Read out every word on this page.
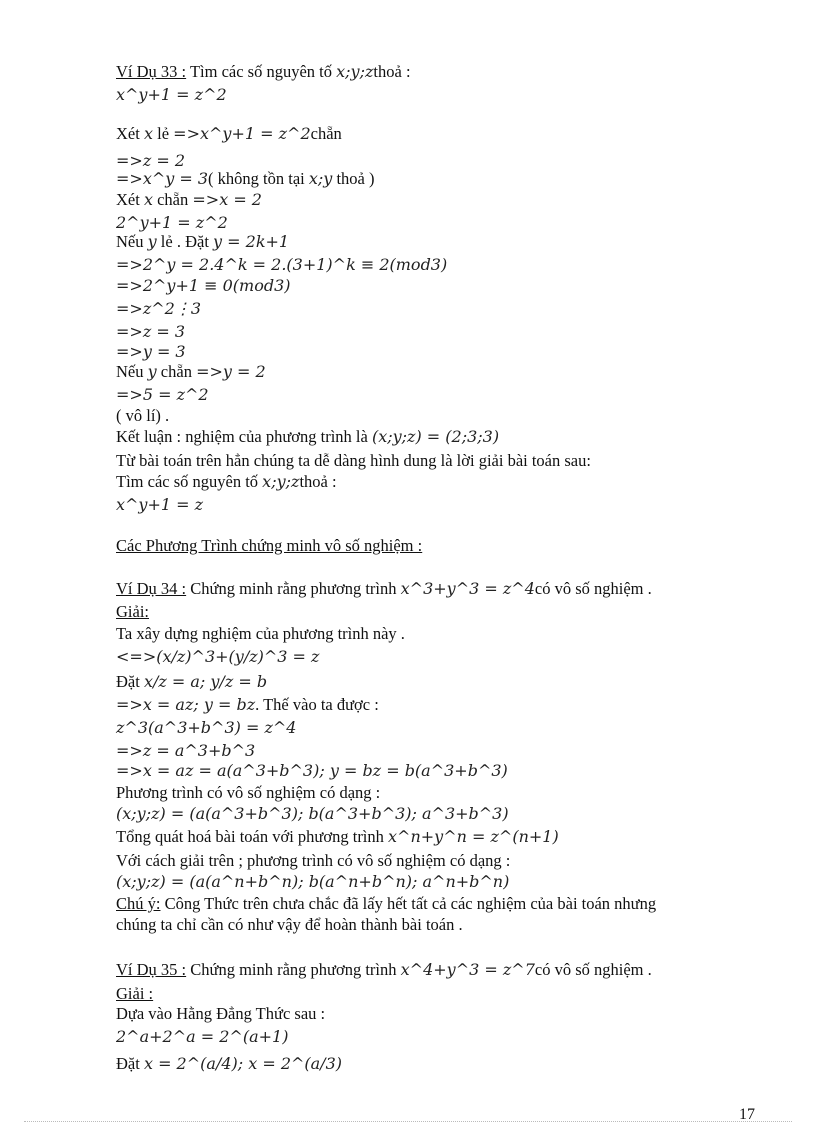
Ví Dụ 33 : Tìm các số nguyên tố x;y;zthoả :
x^y+1 = z^2
Xét x lẻ =>x^y+1 = z^2chẵn
=>z = 2
=>x^y = 3( không tồn tại x;y thoả )
Xét x chẵn =>x = 2
2^y+1 = z^2
Nếu y lẻ . Đặt y = 2k+1
=>2^y = 2.4^k = 2.(3+1)^k ≡ 2(mod3)
=>2^y+1 ≡ 0(mod3)
=>z^2⋮3
=>z = 3
=>y = 3
Nếu y chẵn =>y = 2
=>5 = z^2
( vô lí) .
Kết luận : nghiệm của phương trình là (x;y;z) = (2;3;3)
Từ bài toán trên hẳn chúng ta dễ dàng hình dung là lời giải bài toán sau:
Tìm các số nguyên tố x;y;zthoả :
x^y+1 = z
Các Phương Trình chứng minh vô số nghiệm :
Ví Dụ 34 : Chứng minh rằng phương trình x^3+y^3 = z^4có vô số nghiệm .
Giải:
Ta xây dựng nghiệm của phương trình này .
<=>(x/z)^3+(y/z)^3 = z
Đặt x/z = a; y/z = b
=>x = az; y = bz. Thế vào ta được :
z^3(a^3+b^3) = z^4
=>z = a^3+b^3
=>x = az = a(a^3+b^3); y = bz = b(a^3+b^3)
Phương trình có vô số nghiệm có dạng :
(x;y;z) = (a(a^3+b^3); b(a^3+b^3); a^3+b^3)
Tổng quát hoá bài toán với phương trình x^n+y^n = z^(n+1)
Với cách giải trên ; phương trình có vô số nghiệm có dạng :
(x;y;z) = (a(a^n+b^n); b(a^n+b^n); a^n+b^n)
Chú ý: Công Thức trên chưa chắc đã lấy hết tất cả các nghiệm của bài toán nhưng
chúng ta chỉ cần có như vậy để hoàn thành bài toán .
Ví Dụ 35 : Chứng minh rằng phương trình x^4+y^3 = z^7có vô số nghiệm .
Giải :
Dựa vào Hằng Đẳng Thức sau :
2^a+2^a = 2^(a+1)
Đặt x = 2^(a/4); x = 2^(a/3)
17
